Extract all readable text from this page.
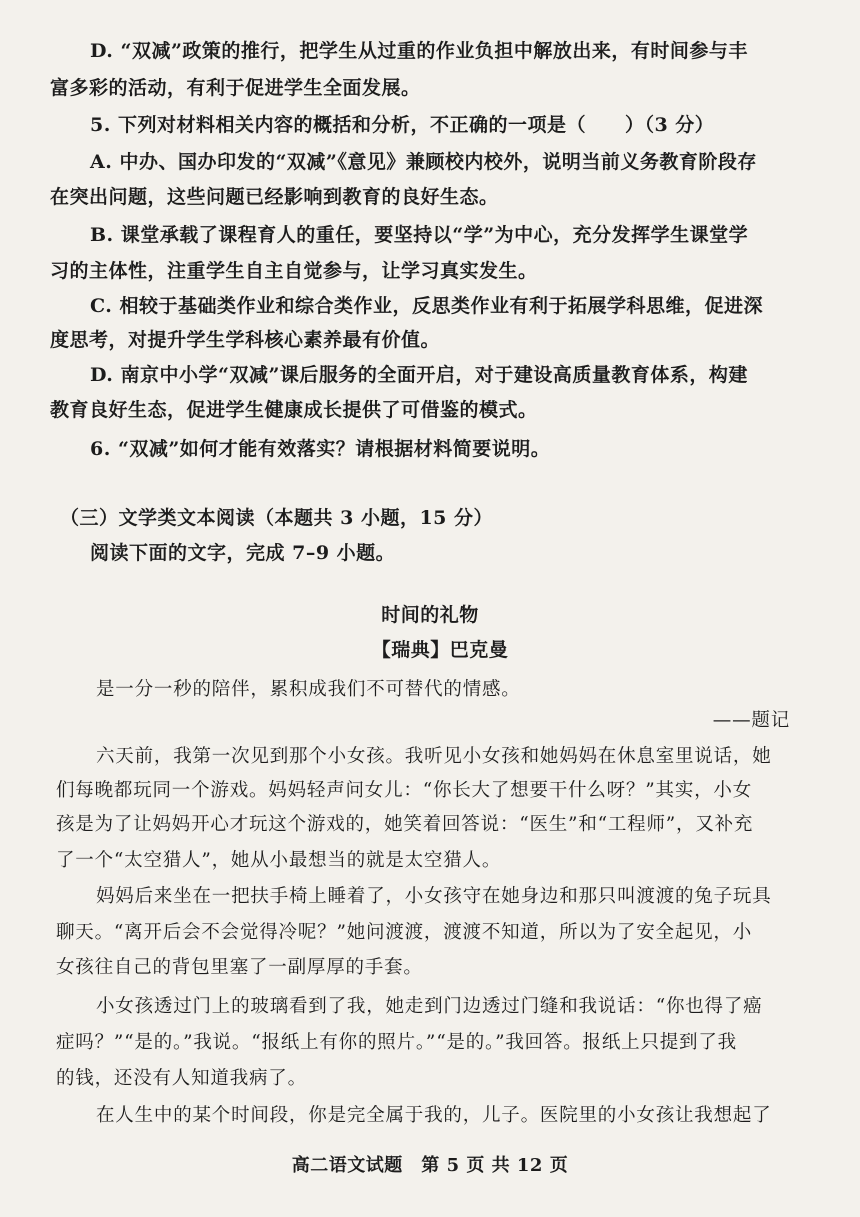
D. “双减”政策的推行，把学生从过重的作业负担中解放出来，有时间参与丰
富多彩的活动，有利于促进学生全面发展。
5. 下列对材料相关内容的概括和分析，不正确的一项是（　　）（3 分）
A. 中办、国办印发的“双减”《意见》兼顾校内校外，说明当前义务教育阶段存
在突出问题，这些问题已经影响到教育的良好生态。
B. 课堂承载了课程育人的重任，要坚持以“学”为中心，充分发挥学生课堂学
习的主体性，注重学生自主自觉参与，让学习真实发生。
C. 相较于基础类作业和综合类作业，反思类作业有利于拓展学科思维，促进深
度思考，对提升学生学科核心素养最有价值。
D. 南京中小学“双减”课后服务的全面开启，对于建设高质量教育体系，构建
教育良好生态，促进学生健康成长提供了可借鉴的模式。
6. “双减”如何才能有效落实？请根据材料简要说明。
（三）文学类文本阅读（本题共 3 小题，15 分）
阅读下面的文字，完成 7–9 小题。
时间的礼物
【瑞典】巴克曼
是一分一秒的陪伴，累积成我们不可替代的情感。
——题记
六天前，我第一次见到那个小女孩。我听见小女孩和她妈妈在休息室里说话，她
们每晚都玩同一个游戏。妈妈轻声问女儿：“你长大了想要干什么呀？”其实，小女
孩是为了让妈妈开心才玩这个游戏的，她笑着回答说：“医生”和“工程师”，又补充
了一个“太空猎人”，她从小最想当的就是太空猎人。
妈妈后来坐在一把扶手椅上睡着了，小女孩守在她身边和那只叫渡渡的兔子玩具
聊天。“离开后会不会觉得冷呢？”她问渡渡，渡渡不知道，所以为了安全起见，小
女孩往自己的背包里塞了一副厚厚的手套。
小女孩透过门上的玻璃看到了我，她走到门边透过门缝和我说话：“你也得了癌
症吗？”“是的。”我说。“报纸上有你的照片。”“是的。”我回答。报纸上只提到了我
的钱，还没有人知道我病了。
在人生中的某个时间段，你是完全属于我的，儿子。医院里的小女孩让我想起了
高二语文试题　第 5 页 共 12 页
